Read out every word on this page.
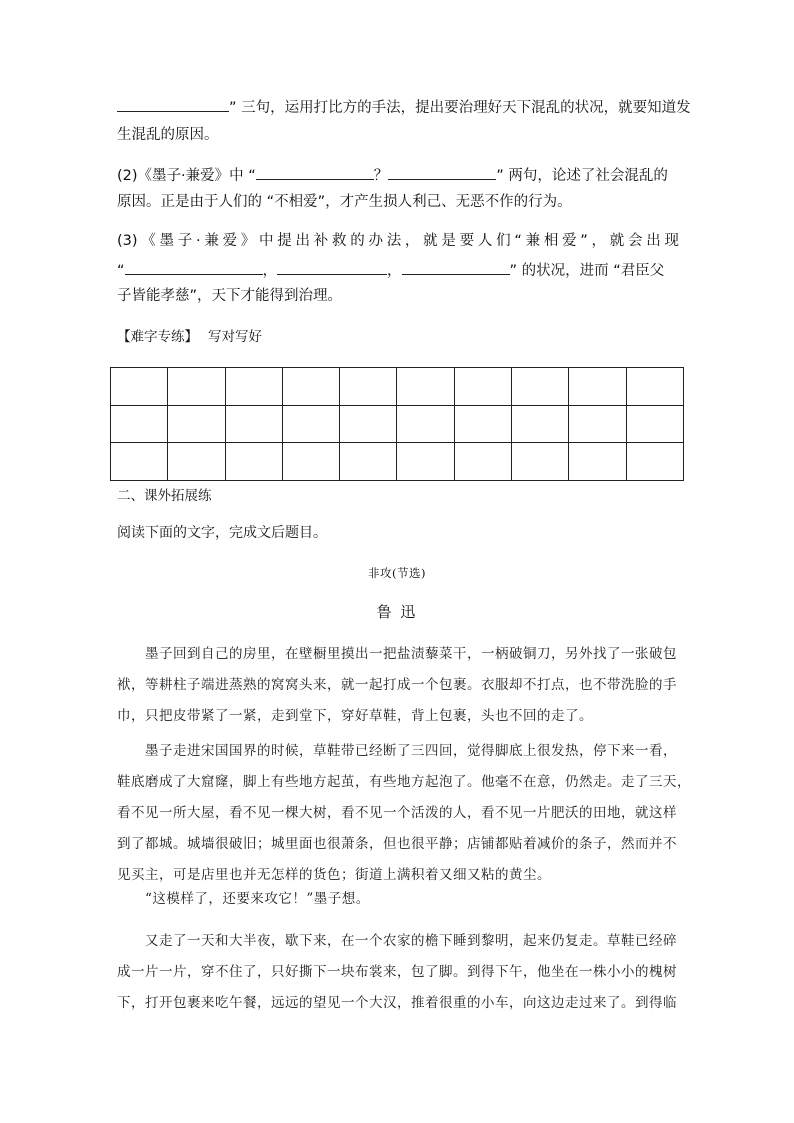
” 三句，运用打比方的手法，提出要治理好天下混乱的状况，就要知道发
生混乱的原因。
(2)《墨子·兼爱》中 “	？	” 两句，论述了社会混乱的
原因。正是由于人们的 “不相爱”，才产生损人利己、无恶不作的行为。
(3)《墨子·兼爱》中提出补救的办法，就是要人们“兼相爱”，就会出现
“	，	，	” 的状况，进而 “君臣父
子皆能孝慈”，天下才能得到治理。
【难字专练】 写对写好

二、课外拓展练
阅读下面的文字，完成文后题目。
非攻(节选)
鲁 迅
墨子回到自己的房里，在壁橱里摸出一把盐渍藜菜干，一柄破铜刀，另外找了一张破包
袱，等耕柱子端进蒸熟的窝窝头来，就一起打成一个包裹。衣服却不打点，也不带洗脸的手
巾，只把皮带紧了一紧，走到堂下，穿好草鞋，背上包裹，头也不回的走了。
墨子走进宋国国界的时候，草鞋带已经断了三四回，觉得脚底上很发热，停下来一看，
鞋底磨成了大窟窿，脚上有些地方起茧，有些地方起泡了。他毫不在意，仍然走。走了三天，
看不见一所大屋，看不见一棵大树，看不见一个活泼的人，看不见一片肥沃的田地，就这样
到了都城。城墙很破旧；城里面也很萧条，但也很平静；店铺都贴着减价的条子，然而并不
见买主，可是店里也并无怎样的货色；街道上满积着又细又粘的黄尘。
“这模样了，还要来攻它！”墨子想。
又走了一天和大半夜，歇下来，在一个农家的檐下睡到黎明，起来仍复走。草鞋已经碎
成一片一片，穿不住了，只好撕下一块布裳来，包了脚。到得下午，他坐在一株小小的槐树
下，打开包裹来吃午餐，远远的望见一个大汉，推着很重的小车，向这边走过来了。到得临
